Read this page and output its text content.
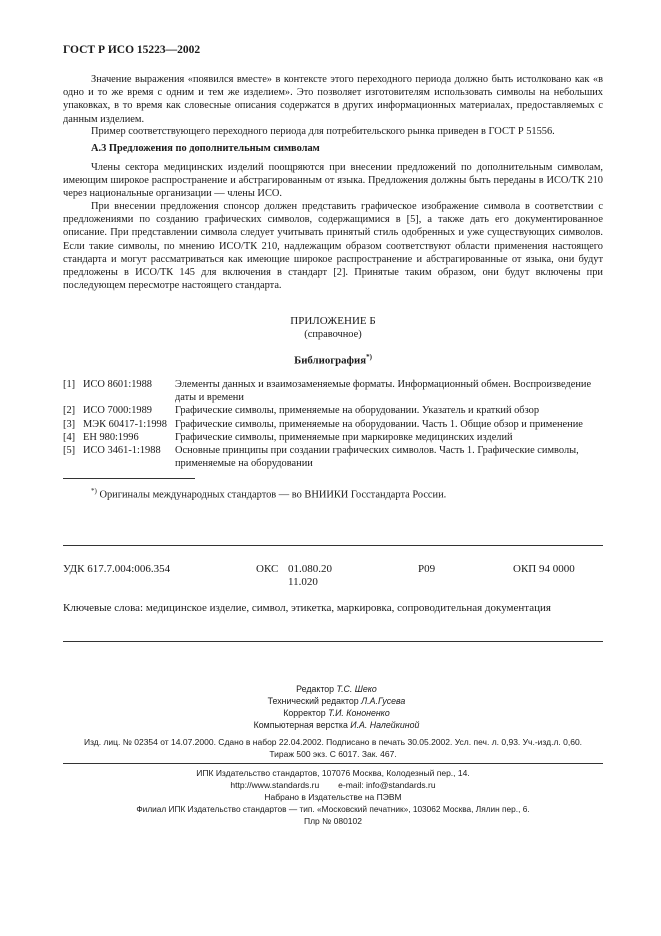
ГОСТ Р ИСО 15223—2002
Значение выражения «появился вместе» в контексте этого переходного периода должно быть истолковано как «в одно и то же время с одним и тем же изделием». Это позволяет изготовителям использовать символы на небольших упаковках, в то время как словесные описания содержатся в других информационных материалах, предоставляемых с данным изделием.
Пример соответствующего переходного периода для потребительского рынка приведен в ГОСТ Р 51556.
А.3 Предложения по дополнительным символам
Члены сектора медицинских изделий поощряются при внесении предложений по дополнительным символам, имеющим широкое распространение и абстрагированным от языка. Предложения должны быть переданы в ИСО/ТК 210 через национальные организации — члены ИСО.
При внесении предложения спонсор должен представить графическое изображение символа в соответствии с предложениями по созданию графических символов, содержащимися в [5], а также дать его документированное описание. При представлении символа следует учитывать принятый стиль одобренных и уже существующих символов. Если такие символы, по мнению ИСО/ТК 210, надлежащим образом соответствуют области применения настоящего стандарта и могут рассматриваться как имеющие широкое распространение и абстрагированные от языка, они будут предложены в ИСО/ТК 145 для включения в стандарт [2]. Принятые таким образом, они будут включены при последующем пересмотре настоящего стандарта.
ПРИЛОЖЕНИЕ Б
(справочное)
Библиография*)
[1]	ИСО 8601:1988	Элементы данных и взаимозаменяемые форматы. Информационный обмен. Воспроизведение даты и времени
[2]	ИСО 7000:1989	Графические символы, применяемые на оборудовании. Указатель и краткий обзор
[3]	МЭК 60417-1:1998	Графические символы, применяемые на оборудовании. Часть 1. Общие обзор и применение
[4]	ЕН 980:1996	Графические символы, применяемые при маркировке медицинских изделий
[5]	ИСО 3461-1:1988	Основные принципы при создании графических символов. Часть 1. Графические символы, применяемые на оборудовании
*) Оригиналы международных стандартов — во ВНИИКИ Госстандарта России.
УДК 617.7.004:006.354	ОКС 01.080.20
11.020
Р09	ОКП 94 0000
Ключевые слова: медицинское изделие, символ, этикетка, маркировка, сопроводительная документация
Редактор Т.С. Шеко
Технический редактор Л.А.Гусева
Корректор Т.И. Кононенко
Компьютерная верстка И.А. Налейкиной
Изд. лиц. № 02354 от 14.07.2000. Сдано в набор 22.04.2002. Подписано в печать 30.05.2002. Усл. печ. л. 0,93. Уч.-изд.л. 0,60.
Тираж 500 экз. С 6017. Зак. 467.
ИПК Издательство стандартов, 107076 Москва, Колодезный пер., 14.
http://www.standards.ru e-mail: info@standards.ru
Набрано в Издательстве на ПЭВМ
Филиал ИПК Издательство стандартов — тип. «Московский печатник», 103062 Москва, Лялин пер., 6.
Плр № 080102
